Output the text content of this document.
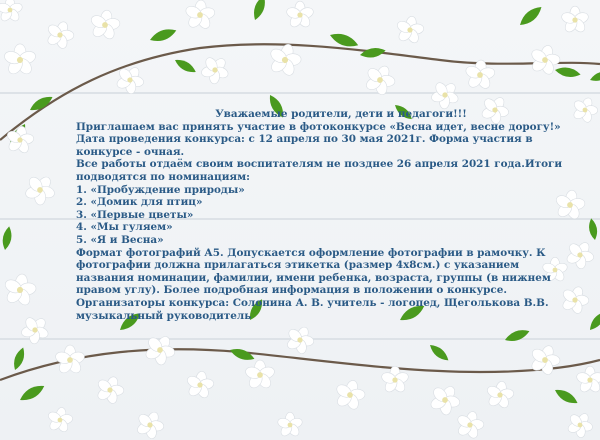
Уважаемые родители, дети и педагоги!!!

Приглашаем вас принять участие в фотоконкурсе «Весна идет, весне дорогу!»

Дата проведения конкурса: с 12 апреля по 30 мая 2021г. Форма участия в конкурсе - очная.

Все работы отдаём своим воспитателям не позднее 26 апреля 2021 года.Итоги подводятся по номинациям:

1. «Пробуждение природы»

2. «Домик для птиц»

3. «Первые цветы»

4. «Мы гуляем»

5. «Я и Весна»

Формат фотографий А5. Допускается оформление фотографии в рамочку. К фотографии должна прилагаться этикетка (размер 4х8см.) с указанием названия номинации, фамилии, имени ребенка, возраста, группы (в нижнем правом углу). Более подробная информация в положении о конкурсе.

Организаторы конкурса: Солонина А. В. учитель - логопед, Щеголькова В.В. музыкальный руководитель
